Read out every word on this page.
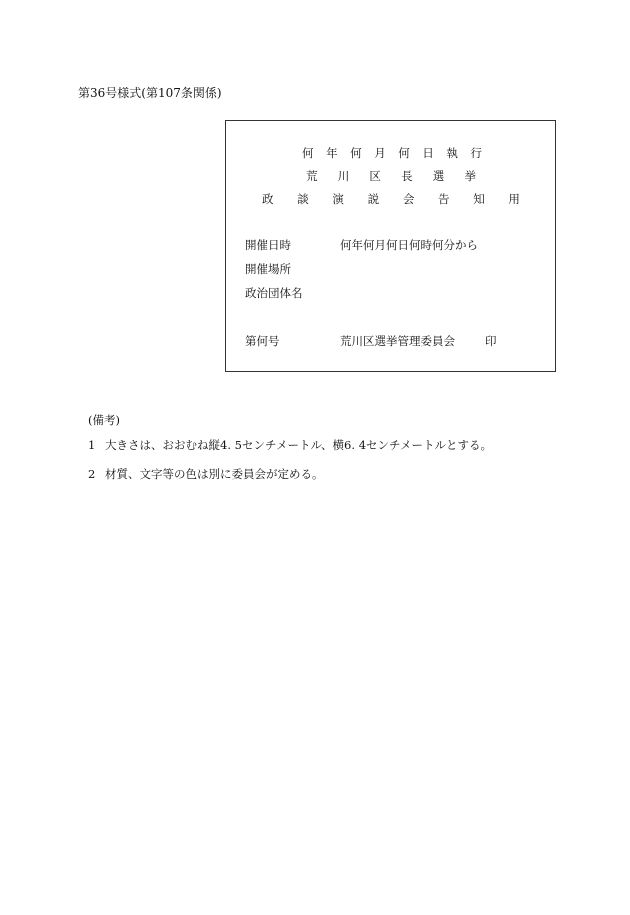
第36号様式(第107条関係)
何 年 何 月 何 日 執 行
荒 川 区 長 選 挙
政 談 演 説 会 告 知 用
開催日時	何年何月何日何時何分から
開催場所
政治団体名
第何号	荒川区選挙管理委員会	印
(備考)
1 大きさは、おおむね縦4. 5センチメートル、横6. 4センチメートルとする。
2 材質、文字等の色は別に委員会が定める。
